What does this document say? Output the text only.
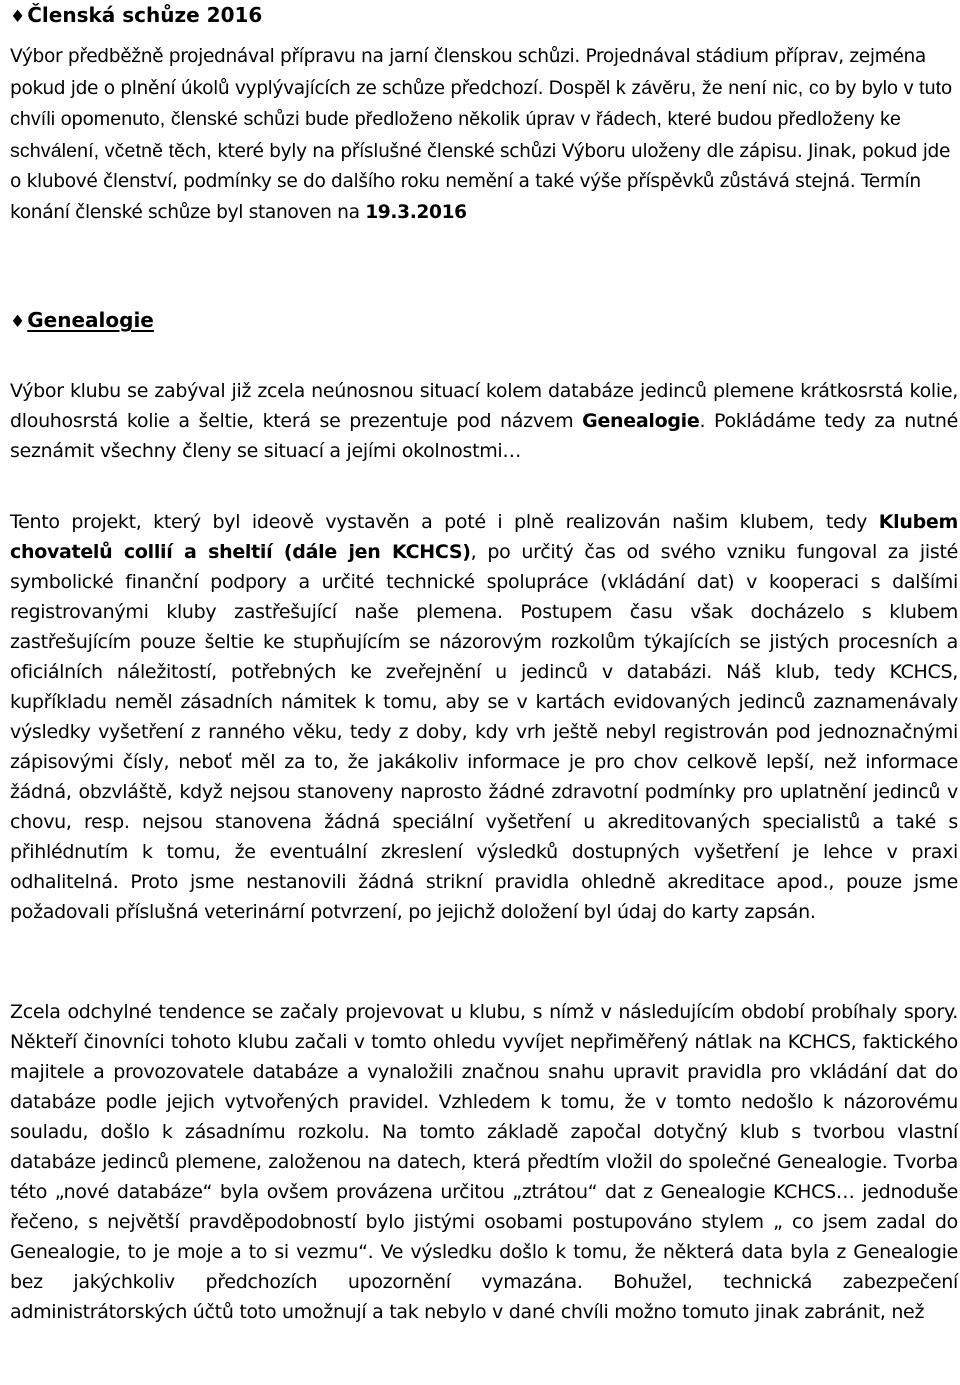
♦ Členská schůze 2016

Výbor předběžně projednával přípravu na jarní členskou schůzi. Projednával stádium příprav, zejména pokud jde o plnění úkolů vyplývajících ze schůze předchozí. Dospěl k závěru, že není nic, co by bylo v tuto chvíli opomenuto, členské schůzi bude předloženo několik úprav v řádech, které budou předloženy ke schválení, včetně těch, které byly na příslušné členské schůzi Výboru uloženy dle zápisu. Jinak, pokud jde o klubové členství, podmínky se do dalšího roku nemění a také výše příspěvků zůstává stejná. Termín konání členské schůze byl stanoven na 19.3.2016

♦ Genealogie

Výbor klubu se zabýval již zcela neúnosnou situací kolem databáze jedinců plemene krátkosrstá kolie, dlouhosrstá kolie a šeltie, která se prezentuje pod názvem Genealogie. Pokládáme tedy za nutné seznámit všechny členy se situací a jejími okolnostmi…

Tento projekt, který byl ideově vystavěn a poté i plně realizován našim klubem, tedy Klubem chovatelů collií a sheltií (dále jen KCHCS), po určitý čas od svého vzniku fungoval za jisté symbolické finanční podpory a určité technické spolupráce (vkládání dat) v kooperaci s dalšími registrovanými kluby zastřešující naše plemena. Postupem času však docházelo s klubem zastřešujícím pouze šeltie ke stupňujícím se názorovým rozkolům týkajících se jistých procesních a oficiálních náležitostí, potřebných ke zveřejnění u jedinců v databázi. Náš klub, tedy KCHCS, kupříkladu neměl zásadních námitek k tomu, aby se v kartách evidovaných jedinců zaznamenávaly výsledky vyšetření z ranného věku, tedy z doby, kdy vrh ještě nebyl registrován pod jednoznačnými zápisovými čísly, neboť měl za to, že jakákoliv informace je pro chov celkově lepší, než informace žádná, obzvláště, když nejsou stanoveny naprosto žádné zdravotní podmínky pro uplatnění jedinců v chovu, resp. nejsou stanovena žádná speciální vyšetření u akreditovaných specialistů a také s přihlédnutím k tomu, že eventuální zkreslení výsledků dostupných vyšetření je lehce v praxi odhalitelná. Proto jsme nestanovili žádná strikní pravidla ohledně akreditace apod., pouze jsme požadovali příslušná veterinární potvrzení, po jejichž doložení byl údaj do karty zapsán.

Zcela odchylné tendence se začaly projevovat u klubu, s nímž v následujícím období probíhaly spory. Někteří činovníci tohoto klubu začali v tomto ohledu vyvíjet nepřiměřený nátlak na KCHCS, faktického majitele a provozovatele databáze a vynaložili značnou snahu upravit pravidla pro vkládání dat do databáze podle jejich vytvořených pravidel. Vzhledem k tomu, že v tomto nedošlo k názorovému souladu, došlo k zásadnímu rozkolu. Na tomto základě započal dotyčný klub s tvorbou vlastní databáze jedinců plemene, založenou na datech, která předtím vložil do společné Genealogie. Tvorba této „nové databáze“ byla ovšem provázena určitou „ztrátou“ dat z Genealogie KCHCS… jednoduše řečeno, s největší pravděpodobností bylo jistými osobami postupováno stylem „ co jsem zadal do Genealogie, to je moje a to si vezmu“. Ve výsledku došlo k tomu, že některá data byla z Genealogie bez jakýchkoliv předchozích upozornění vymazána. Bohužel, technická zabezpečení administrátorských účtů toto umožnují a tak nebylo v dané chvíli možno tomuto jinak zabránit, než
